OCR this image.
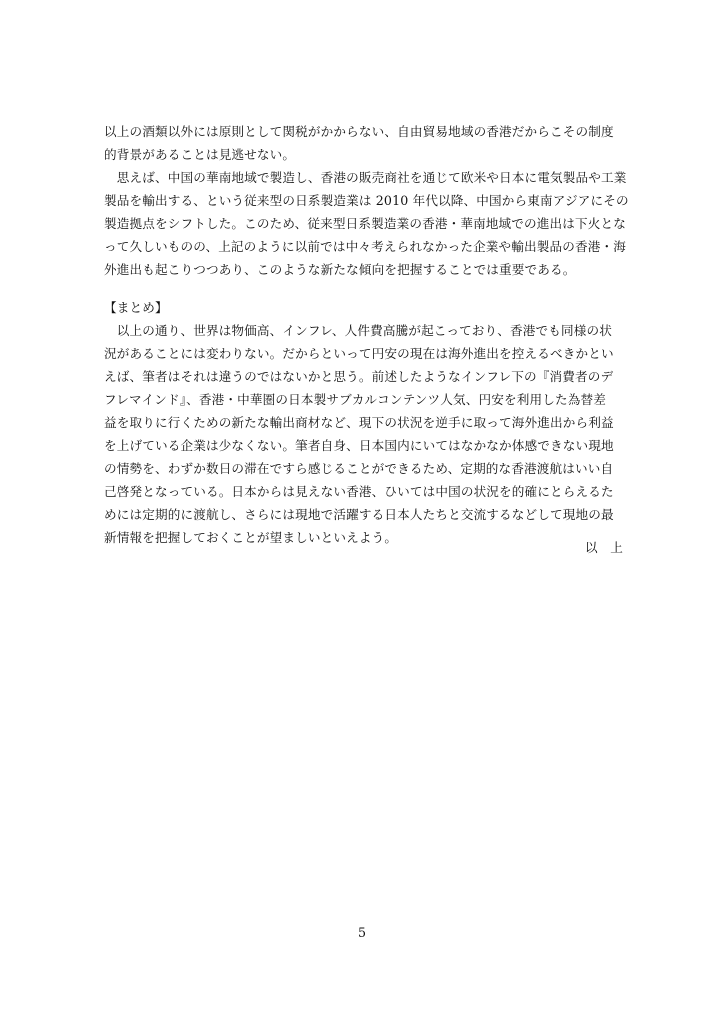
以上の酒類以外には原則として関税がかからない、自由貿易地域の香港だからこその制度
的背景があることは見逃せない。
　思えば、中国の華南地域で製造し、香港の販売商社を通じて欧米や日本に電気製品や工業
製品を輸出する、という従来型の日系製造業は 2010 年代以降、中国から東南アジアにその
製造拠点をシフトした。このため、従来型日系製造業の香港・華南地域での進出は下火とな
って久しいものの、上記のように以前では中々考えられなかった企業や輸出製品の香港・海
外進出も起こりつつあり、このような新たな傾向を把握することでは重要である。
【まとめ】
　以上の通り、世界は物価高、インフレ、人件費高騰が起こっており、香港でも同様の状
況があることには変わりない。だからといって円安の現在は海外進出を控えるべきかとい
えば、筆者はそれは違うのではないかと思う。前述したようなインフレ下の『消費者のデ
フレマインド』、香港・中華圏の日本製サブカルコンテンツ人気、円安を利用した為替差
益を取りに行くための新たな輸出商材など、現下の状況を逆手に取って海外進出から利益
を上げている企業は少なくない。筆者自身、日本国内にいてはなかなか体感できない現地
の情勢を、わずか数日の滞在ですら感じることができるため、定期的な香港渡航はいい自
己啓発となっている。日本からは見えない香港、ひいては中国の状況を的確にとらえるた
めには定期的に渡航し、さらには現地で活躍する日本人たちと交流するなどして現地の最
新情報を把握しておくことが望ましいといえよう。
以　上
5
